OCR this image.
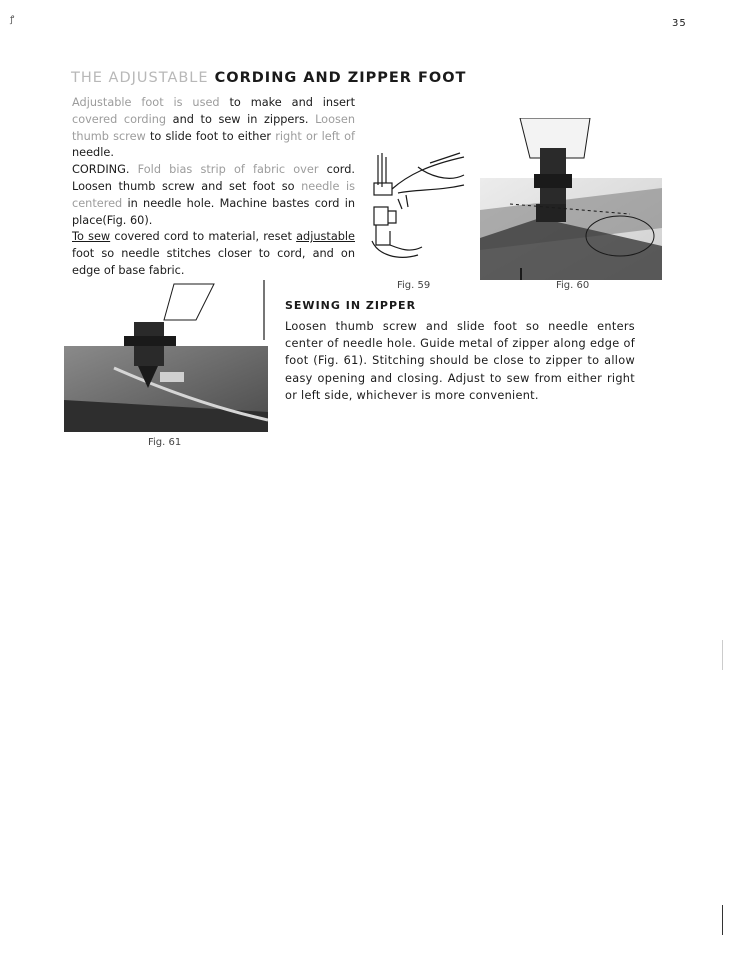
ꝭ	35
THE ADJUSTABLE CORDING AND ZIPPER FOOT

Adjustable foot is used to make and insert covered cording and to sew in zippers. Loosen thumb screw to slide foot to either right or left of needle.

CORDING. Fold bias strip of fabric over cord. Loosen thumb screw and set foot so needle is centered in needle hole. Machine bastes cord in place(Fig. 60).

To sew covered cord to material, reset adjustable foot so needle stitches closer to cord, and on edge of base fabric.

Fig. 59	Fig. 60
Fig. 61
SEWING IN ZIPPER

Loosen thumb screw and slide foot so needle enters center of needle hole. Guide metal of zipper along edge of foot (Fig. 61). Stitching should be close to zipper to allow easy opening and closing. Adjust to sew from either right or left side, whichever is more convenient.
